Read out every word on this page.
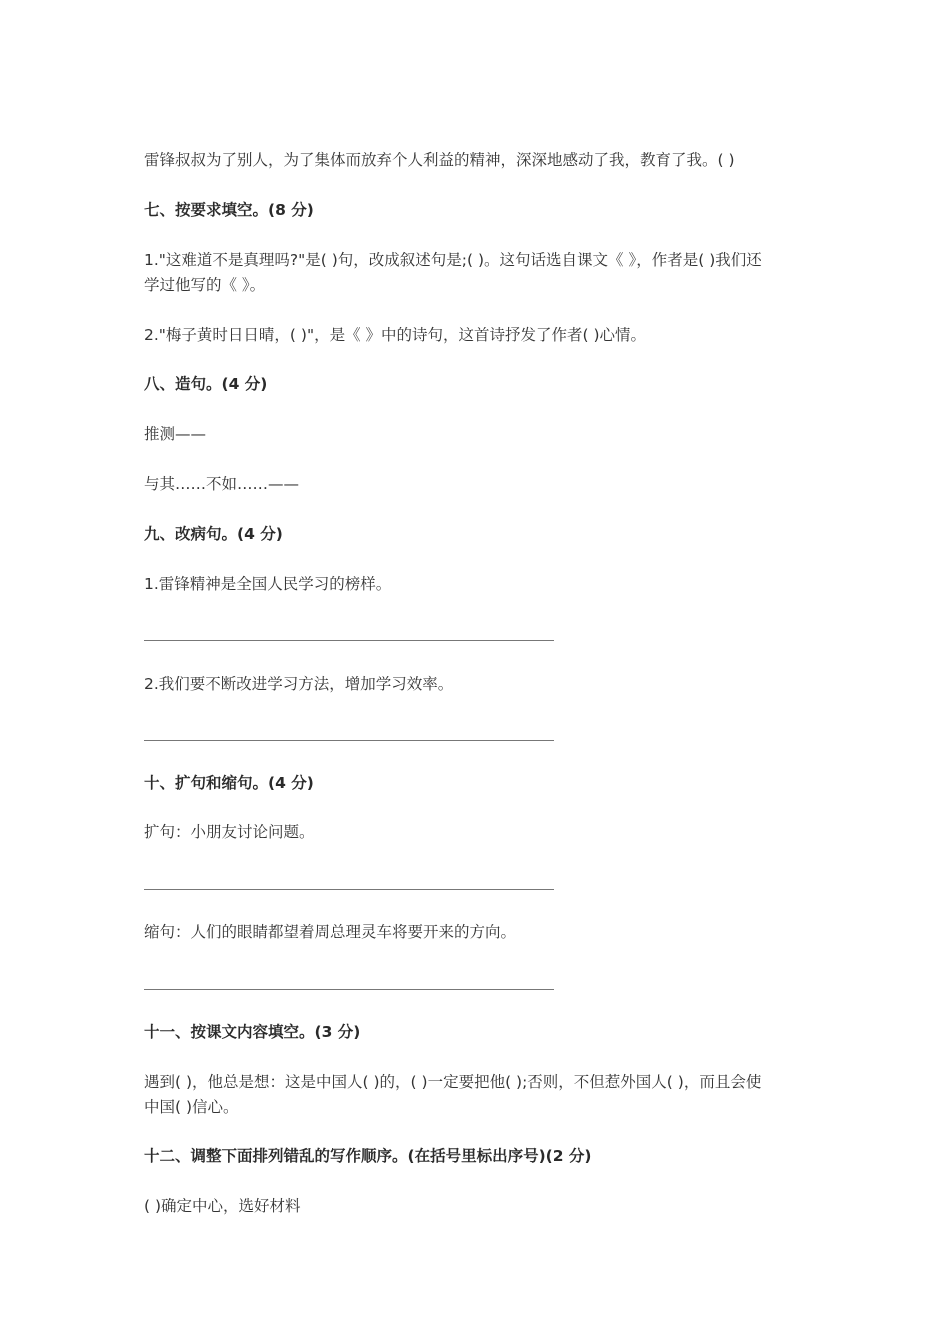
雷锋叔叔为了别人，为了集体而放弃个人利益的精神，深深地感动了我，教育了我。( )
七、按要求填空。(8 分)
1."这难道不是真理吗?"是( )句，改成叙述句是;( )。这句话选自课文《 》，作者是( )我们还
学过他写的《 》。
2."梅子黄时日日晴，( )"，是《 》中的诗句，这首诗抒发了作者( )心情。
八、造句。(4 分)
推测——
与其……不如……——
九、改病句。(4 分)
1.雷锋精神是全国人民学习的榜样。
2.我们要不断改进学习方法，增加学习效率。
十、扩句和缩句。(4 分)
扩句：小朋友讨论问题。
缩句：人们的眼睛都望着周总理灵车将要开来的方向。
十一、按课文内容填空。(3 分)
遇到( )，他总是想：这是中国人( )的，( )一定要把他( );否则，不但惹外国人( )，而且会使
中国( )信心。
十二、调整下面排列错乱的写作顺序。(在括号里标出序号)(2 分)
( )确定中心，选好材料
